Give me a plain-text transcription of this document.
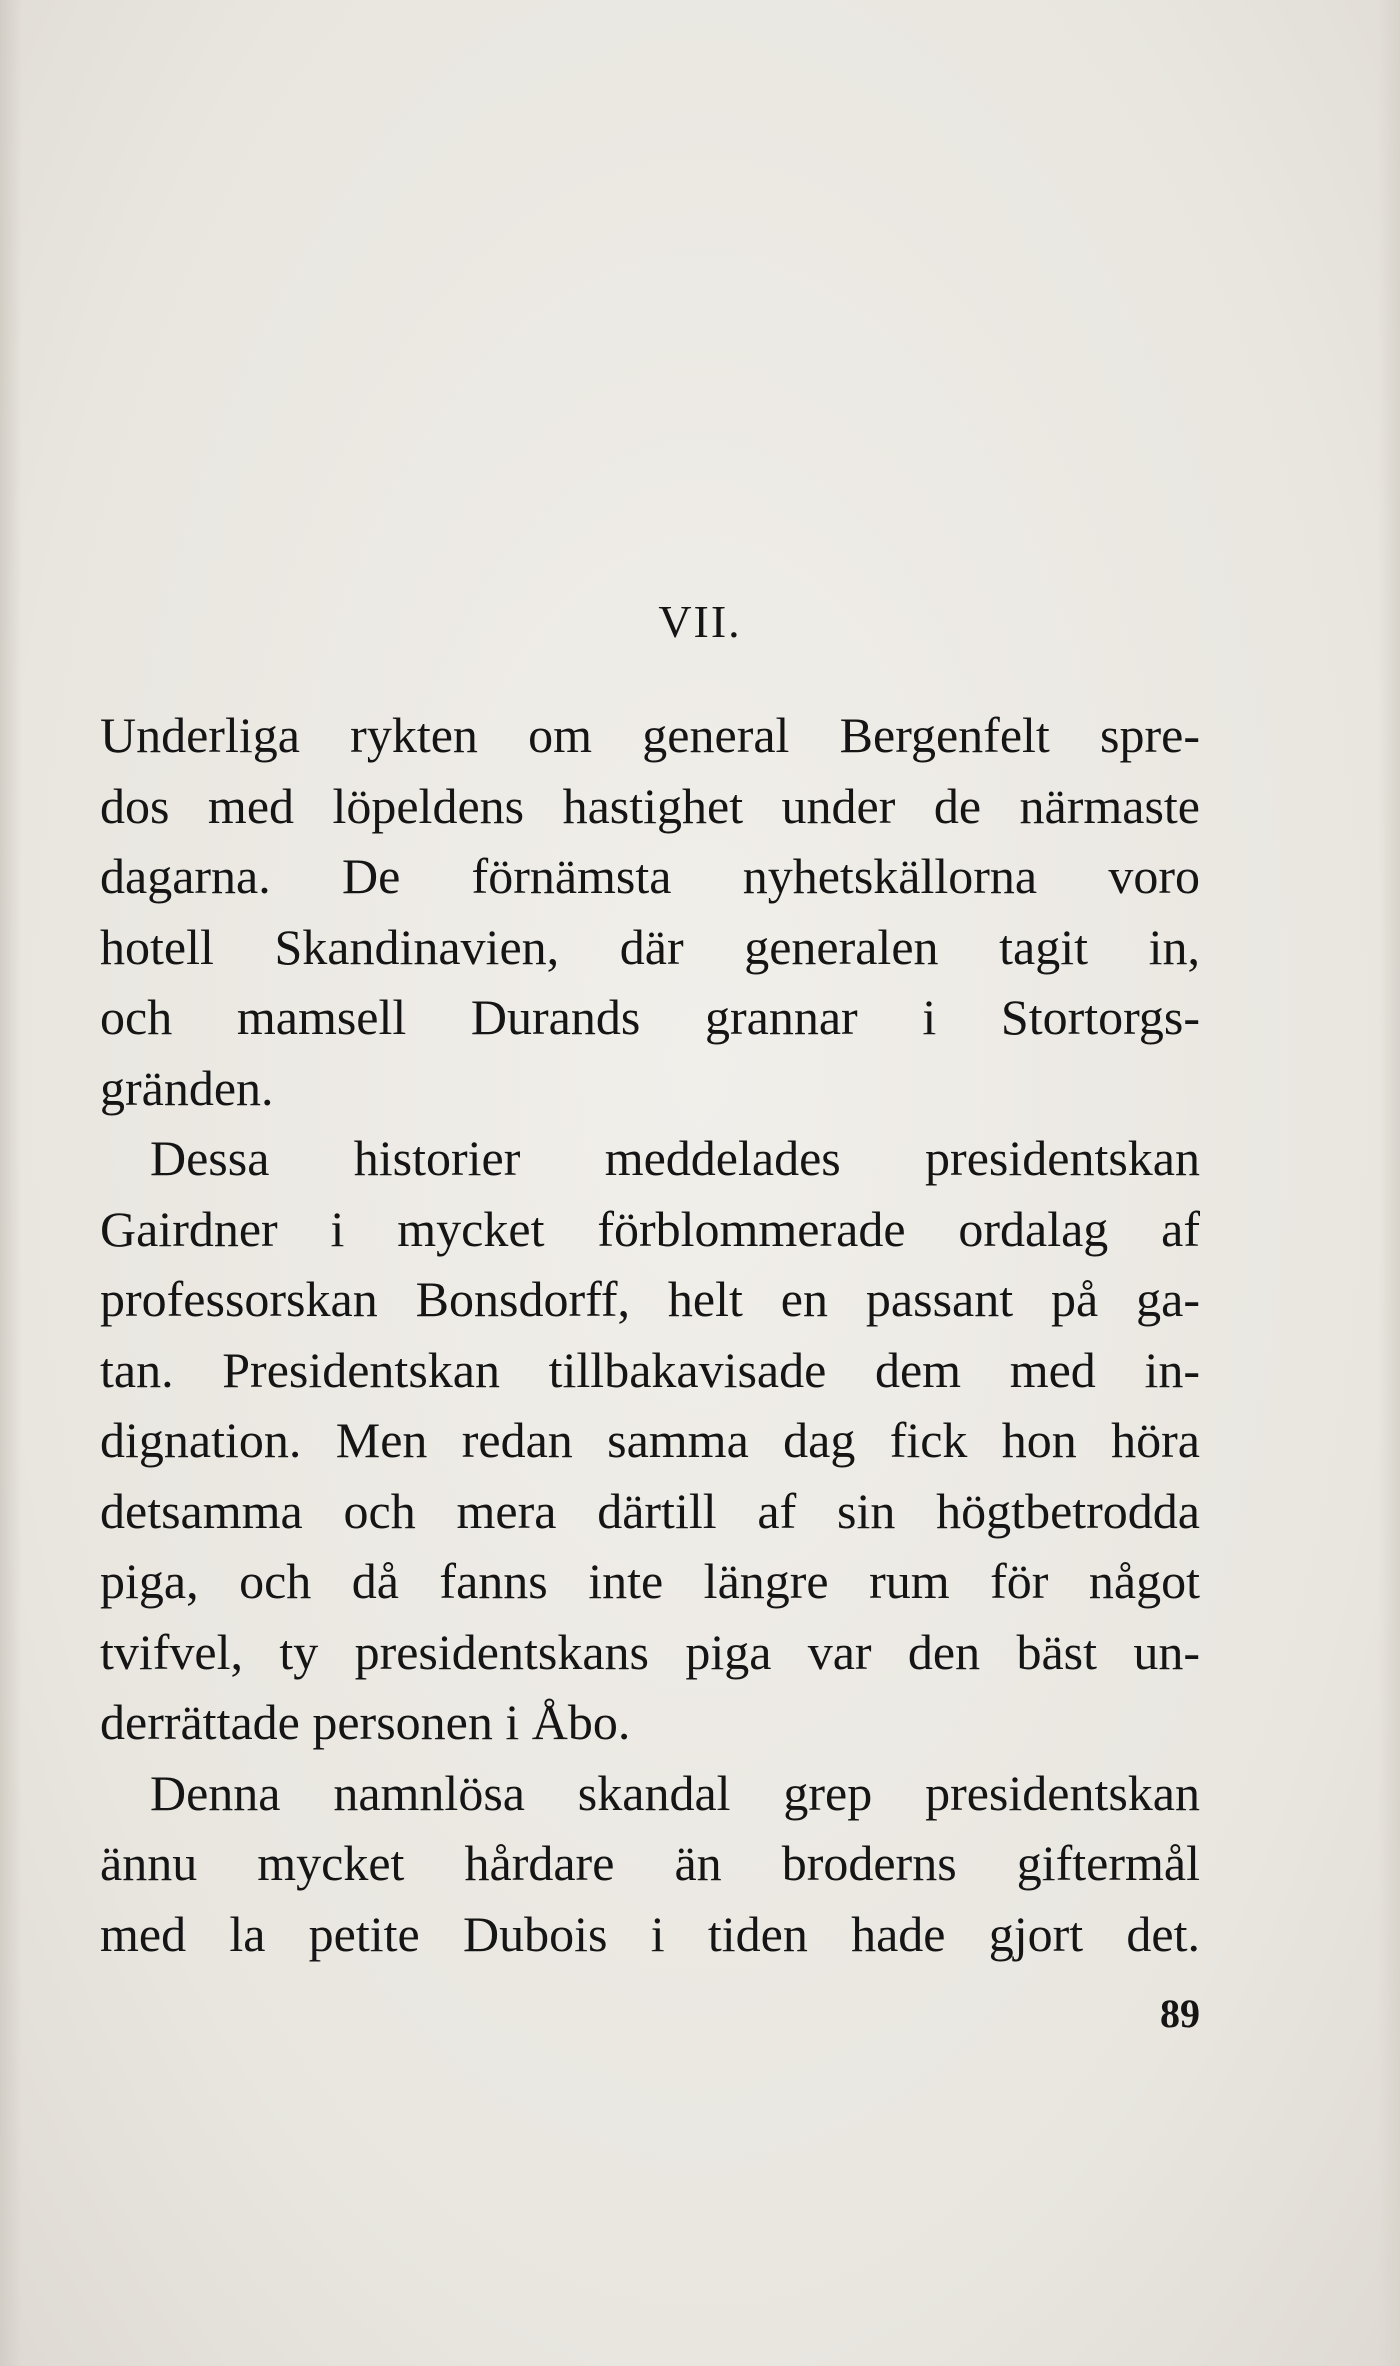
VII.
Underliga rykten om general Bergenfelt spre-
dos med löpeldens hastighet under de närmaste
dagarna. De förnämsta nyhetskällorna voro
hotell Skandinavien, där generalen tagit in,
och mamsell Durands grannar i Stortorgs-
gränden.
Dessa historier meddelades presidentskan
Gairdner i mycket förblommerade ordalag af
professorskan Bonsdorff, helt en passant på ga-
tan. Presidentskan tillbakavisade dem med in-
dignation. Men redan samma dag fick hon höra
detsamma och mera därtill af sin högtbetrodda
piga, och då fanns inte längre rum för något
tvifvel, ty presidentskans piga var den bäst un-
derrättade personen i Åbo.
Denna namnlösa skandal grep presidentskan
ännu mycket hårdare än broderns giftermål
med la petite Dubois i tiden hade gjort det.
89
